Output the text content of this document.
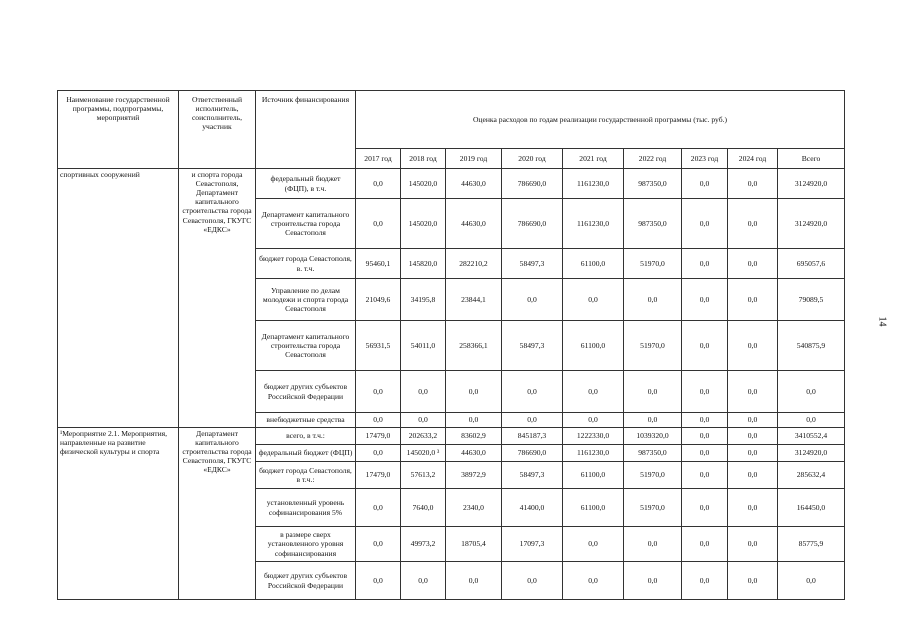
Наименование государственной программы, подпрограммы, мероприятий	Ответственный исполнитель, соисполнитель, участник	Источник финансирования	Оценка расходов по годам реализации государственной программы (тыс. руб.)								
			2017 год	2018 год	2019 год	2020 год	2021 год	2022 год	2023 год	2024 год	Всего
спортивных сооружений	и спорта города Севастополя, Департамент капитального строительства города Севастополя, ГКУГС «ЕДКС»	федеральный бюджет (ФЦП), в т.ч.	0,0	145020,0	44630,0	786690,0	1161230,0	987350,0	0,0	0,0	3124920,0
		Департамент капитального строительства города Севастополя	0,0	145020,0	44630,0	786690,0	1161230,0	987350,0	0,0	0,0	3124920,0
		бюджет города Севастополя, в. т.ч.	95460,1	145820,0	282210,2	58497,3	61100,0	51970,0	0,0	0,0	695057,6
		Управление по делам молодежи и спорта города Севастополя	21049,6	34195,8	23844,1	0,0	0,0	0,0	0,0	0,0	79089,5
		Департамент капитального строительства города Севастополя	56931,5	54011,0	258366,1	58497,3	61100,0	51970,0	0,0	0,0	540875,9
		бюджет других субъектов Российской Федерации	0,0	0,0	0,0	0,0	0,0	0,0	0,0	0,0	0,0
		внебюджетные средства	0,0	0,0	0,0	0,0	0,0	0,0	0,0	0,0	0,0
¹Мероприятие 2.1. Мероприятия, направленные на развитие физической культуры и спорта	Департамент капитального строительства города Севастополя, ГКУГС «ЕДКС»	всего, в т.ч.:	17479,0	202633,2	83602,9	845187,3	1222330,0	1039320,0	0,0	0,0	3410552,4
		федеральный бюджет (ФЦП)	0,0	145020,0 ³	44630,0	786690,0	1161230,0	987350,0	0,0	0,0	3124920,0
		бюджет города Севастополя, в т.ч.:	17479,0	57613,2	38972,9	58497,3	61100,0	51970,0	0,0	0,0	285632,4
		установленный уровень софинансирования 5%	0,0	7640,0	2340,0	41400,0	61100,0	51970,0	0,0	0,0	164450,0
		в размере сверх установленного уровня софинансирования	0,0	49973,2	18705,4	17097,3	0,0	0,0	0,0	0,0	85775,9
		бюджет других субъектов Российской Федерации	0,0	0,0	0,0	0,0	0,0	0,0	0,0	0,0	0,0
14
